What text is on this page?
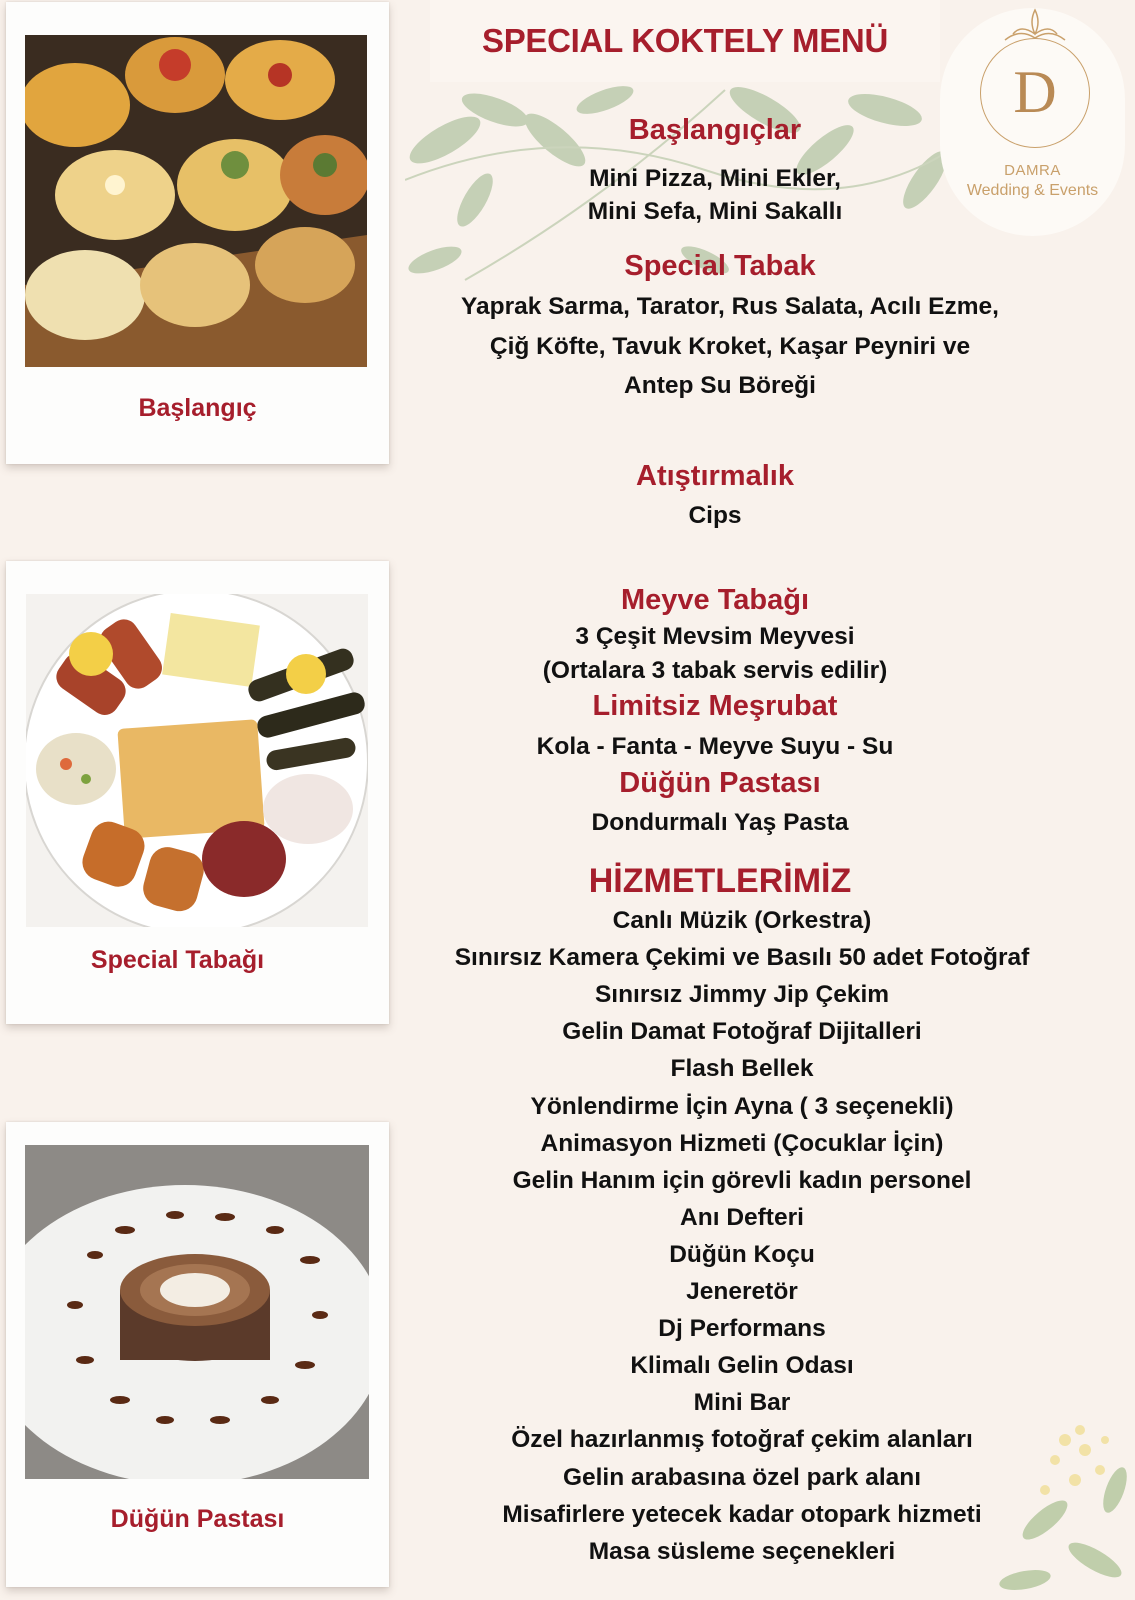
SPECIAL KOKTELY MENÜ
D
DAMRA
Wedding & Events
Başlangıç
Special Tabağı
Düğün Pastası
Başlangıçlar

Mini Pizza, Mini Ekler,

Mini Sefa, Mini Sakallı

Special Tabak

Yaprak Sarma, Tarator, Rus Salata, Acılı Ezme,

Çiğ Köfte, Tavuk Kroket, Kaşar Peyniri ve

Antep Su Böreği

Atıştırmalık

Cips

Meyve Tabağı

3 Çeşit Mevsim Meyvesi

(Ortalara 3 tabak servis edilir)

Limitsiz Meşrubat

Kola - Fanta - Meyve Suyu - Su

Düğün Pastası

Dondurmalı Yaş Pasta

HİZMETLERİMİZ

Canlı Müzik (Orkestra)

Sınırsız Kamera Çekimi ve Basılı 50 adet Fotoğraf

Sınırsız Jimmy Jip Çekim

Gelin Damat Fotoğraf Dijitalleri

Flash Bellek

Yönlendirme İçin Ayna ( 3 seçenekli)

Animasyon Hizmeti (Çocuklar İçin)

Gelin Hanım için görevli kadın personel

Anı Defteri

Düğün Koçu

Jeneretör

Dj Performans

Klimalı Gelin Odası

Mini Bar

Özel hazırlanmış fotoğraf çekim alanları

Gelin arabasına özel park alanı

Misafirlere yetecek kadar otopark hizmeti

Masa süsleme seçenekleri
